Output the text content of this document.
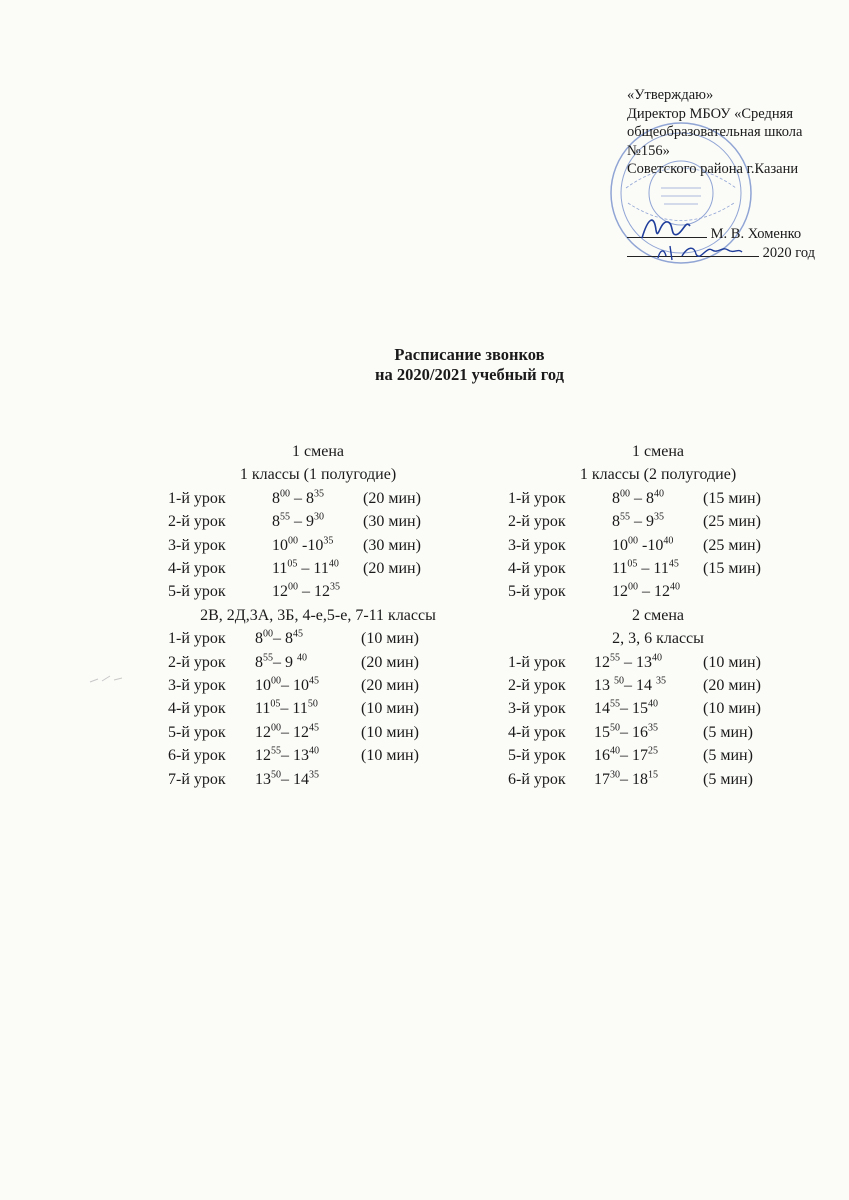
«Утверждаю»
Директор МБОУ «Средняя
общеобразовательная школа
№156»
Советского района г.Казани
М. В. Хоменко
2020 год
Расписание звонков
на 2020/2021 учебный год
1 смена
1 классы (1 полугодие)
1-й урок	$8^{00} - 8^{35}$ (20 мин)
2-й урок	$8^{55} - 9^{30}$ (30 мин)
3-й урок	$10^{00}$ $-10^{35}$ (30 мин)
4-й урок	$11^{05} - 11^{40}$ (20 мин)
5-й урок	$12^{00} - 12^{35}$
2В, 2Д,3А, 3Б, 4-е,5-е, 7-11 классы
1-й урок $8^{00}-$ $8^{45}$	(10 мин)
2-й урок $8^{55}-$ 9 $^{40}$	(20 мин)
3-й урок $10^{00}-$ $10^{45}$	(20 мин)
4-й урок $11^{05}-$ $11^{50}$	(10 мин)
5-й урок $12^{00}-$ $12^{45}$	(10 мин)
6-й урок $12^{55}-$ $13^{40}$	(10 мин)
7-й урок $13^{50}-$ $14^{35}$
1 смена
1 классы (2 полугодие)
1-й урок	$8^{00} - 8^{40}$ (15 мин)
2-й урок	$8^{55} - 9^{35}$ (25 мин)
3-й урок	$10^{00}$ $-10^{40}$ (25 мин)
4-й урок	$11^{05} - 11^{45}$ (15 мин)
5-й урок	$12^{00} - 12^{40}$
2 смена
2, 3, 6 классы
1-й урок $12^{55} - 13^{40}$	(10 мин)
2-й урок 13 $^{50}$– 14 $^{35}$ (20 мин)
3-й урок $14^{55}-$ $15^{40}$	(10 мин)
4-й урок $15^{50}-$ $16^{35}$	(5 мин)
5-й урок $16^{40}-$ $17^{25}$	(5 мин)
6-й урок $17^{30}-$ $18^{15}$	(5 мин)
